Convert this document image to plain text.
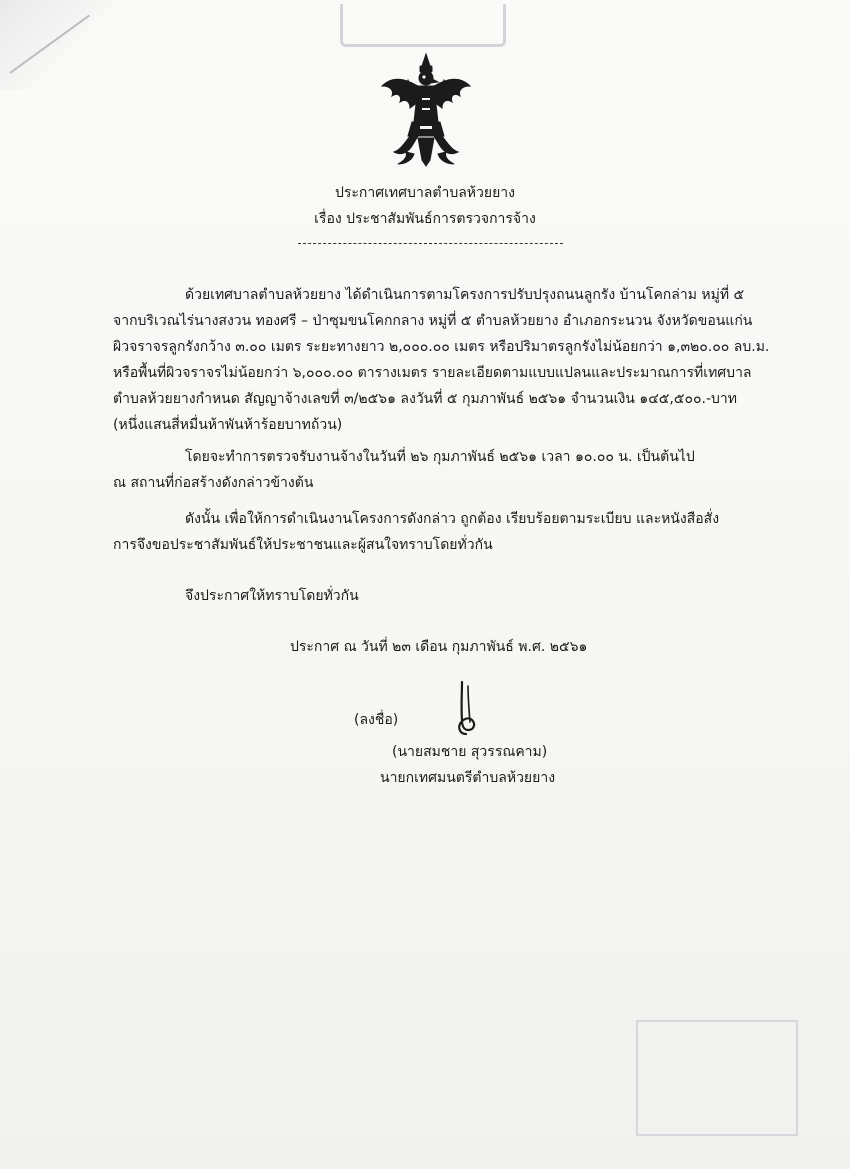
ประกาศเทศบาลตำบลห้วยยาง
เรื่อง ประชาสัมพันธ์การตรวจการจ้าง
ด้วยเทศบาลตำบลห้วยยาง ได้ดำเนินการตามโครงการปรับปรุงถนนลูกรัง บ้านโคกล่าม หมู่ที่ ๕
จากบริเวณไร่นางสงวน ทองศรี – ป่าซุมขนโคกกลาง หมู่ที่ ๕ ตำบลห้วยยาง อำเภอกระนวน จังหวัดขอนแก่น
ผิวจราจรลูกรังกว้าง ๓.๐๐ เมตร ระยะทางยาว ๒,๐๐๐.๐๐ เมตร หรือปริมาตรลูกรังไม่น้อยกว่า ๑,๓๒๐.๐๐ ลบ.ม.
หรือพื้นที่ผิวจราจรไม่น้อยกว่า ๖,๐๐๐.๐๐ ตารางเมตร รายละเอียดตามแบบแปลนและประมาณการที่เทศบาล
ตำบลห้วยยางกำหนด สัญญาจ้างเลขที่ ๓/๒๕๖๑ ลงวันที่ ๕ กุมภาพันธ์ ๒๕๖๑ จำนวนเงิน ๑๔๕,๕๐๐.-บาท
(หนึ่งแสนสี่หมื่นห้าพันห้าร้อยบาทถ้วน)
โดยจะทำการตรวจรับงานจ้างในวันที่ ๒๖ กุมภาพันธ์ ๒๕๖๑ เวลา ๑๐.๐๐ น. เป็นต้นไป
ณ สถานที่ก่อสร้างดังกล่าวข้างต้น
ดังนั้น เพื่อให้การดำเนินงานโครงการดังกล่าว ถูกต้อง เรียบร้อยตามระเบียบ และหนังสือสั่ง
การจึงขอประชาสัมพันธ์ให้ประชาชนและผู้สนใจทราบโดยทั่วกัน
จึงประกาศให้ทราบโดยทั่วกัน
ประกาศ ณ วันที่ ๒๓ เดือน กุมภาพันธ์ พ.ศ. ๒๕๖๑
(ลงชื่อ)
(นายสมชาย สุวรรณคาม)
นายกเทศมนตรีตำบลห้วยยาง
